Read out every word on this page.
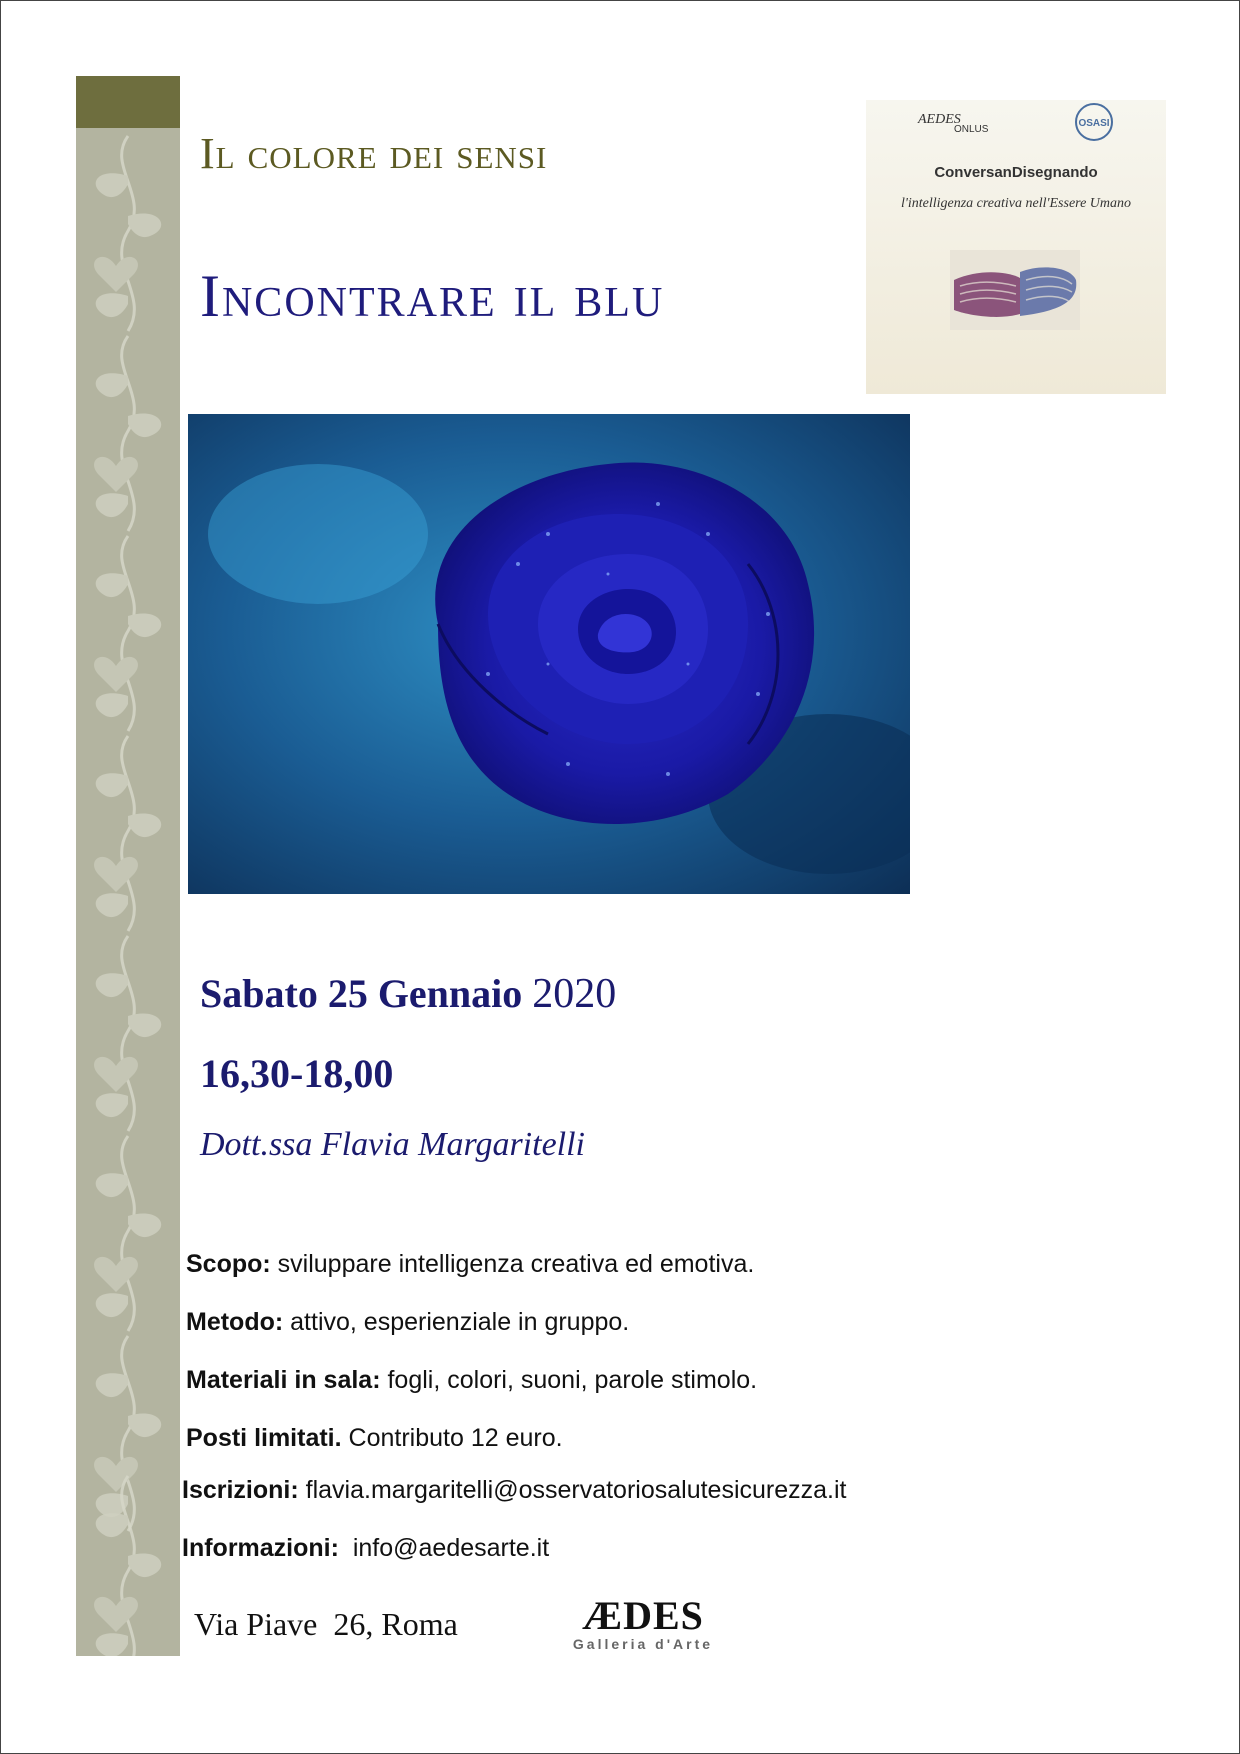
Il colore dei sensi
Incontrare il blu
AEDES
ONLUS
OSASI
ConversanDisegnando
l'intelligenza creativa nell'Essere Umano
Sabato 25 Gennaio 2020
16,30-18,00
Dott.ssa Flavia Margaritelli
Scopo: sviluppare intelligenza creativa ed emotiva.
Metodo: attivo, esperienziale in gruppo.
Materiali in sala: fogli, colori, suoni, parole stimolo.
Posti limitati. Contributo 12 euro.
Iscrizioni: flavia.margaritelli@osservatoriosalutesicurezza.it
Informazioni:  info@aedesarte.it
Via Piave  26, Roma	ÆDES
Galleria d'Arte
